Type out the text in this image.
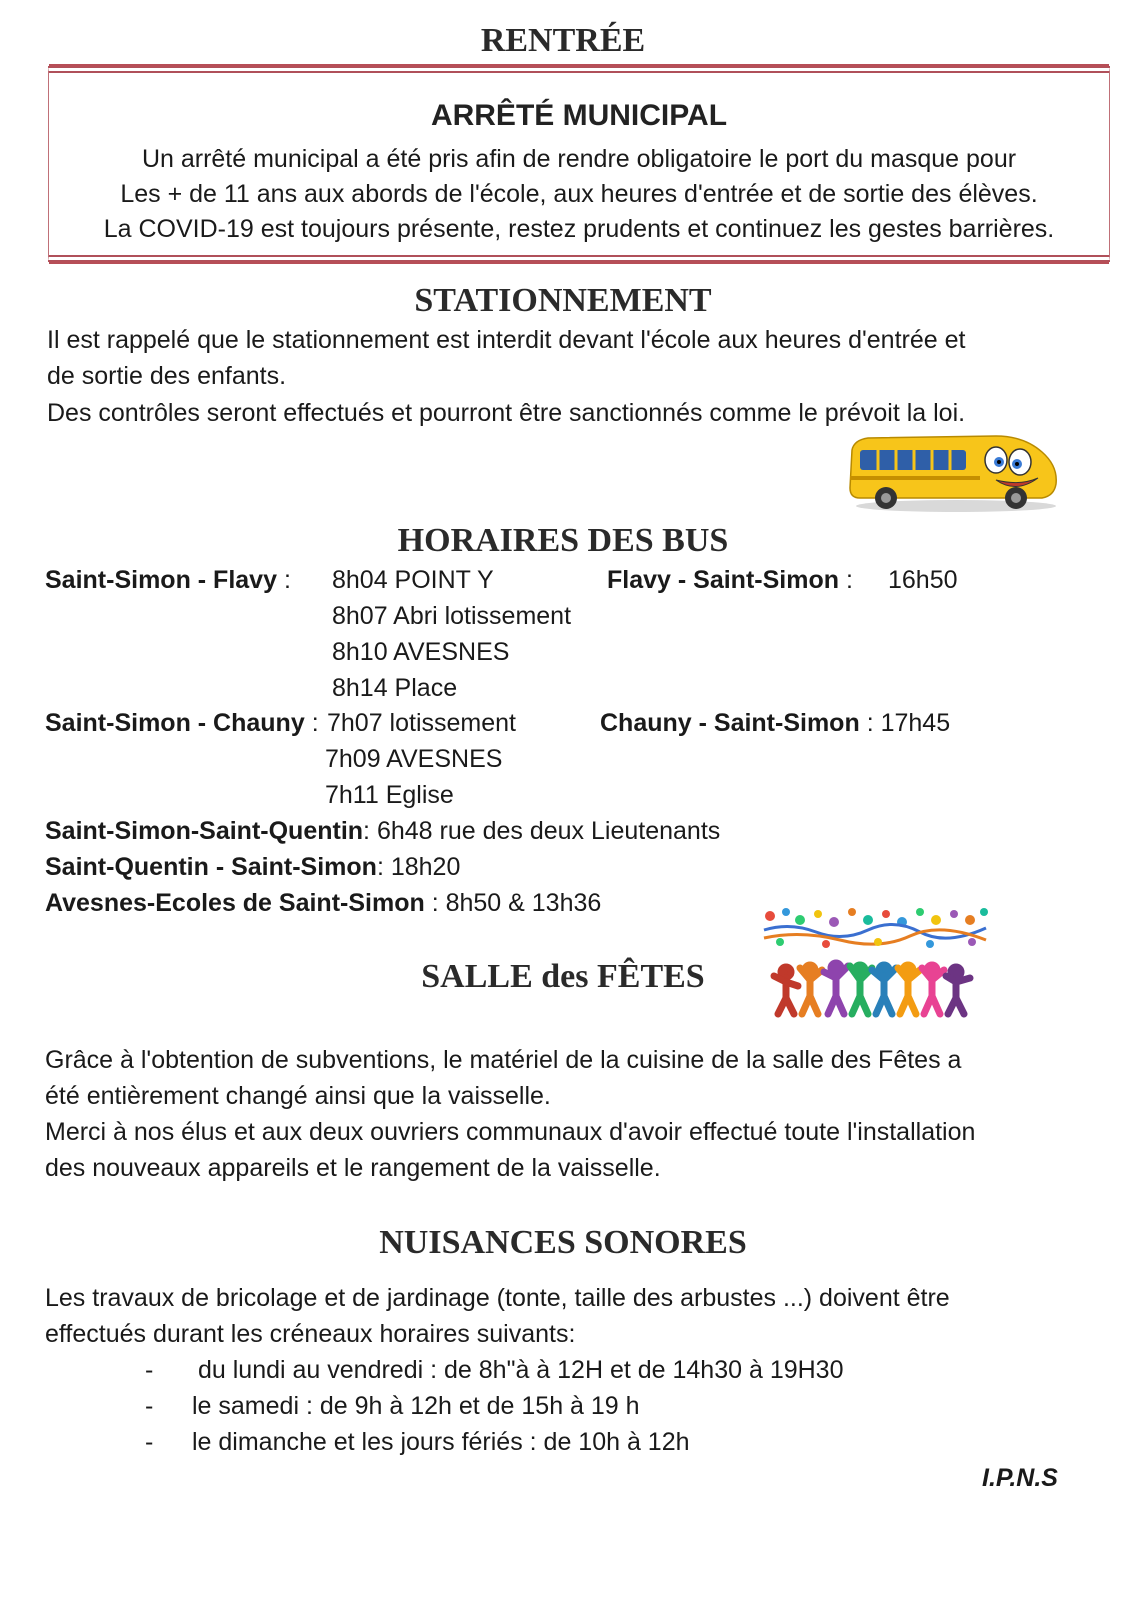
RENTRÉE
ARRÊTÉ MUNICIPAL
Un arrêté municipal a été pris afin de rendre obligatoire le port du masque pour
Les + de 11 ans aux abords de l'école, aux heures d'entrée et de sortie des élèves.
La COVID-19 est toujours présente, restez prudents et continuez les gestes barrières.
STATIONNEMENT
Il est rappelé que le stationnement est interdit devant l'école aux heures d'entrée et
de sortie des enfants.
Des contrôles seront effectués et pourront être sanctionnés comme le prévoit la loi.
HORAIRES DES BUS
Saint-Simon - Flavy : 8h04 POINT Y
8h07 Abri lotissement
8h10 AVESNES
8h14 Place
Flavy - Saint-Simon : 16h50
Saint-Simon - Chauny : 7h07 lotissement
7h09 AVESNES
7h11 Eglise
Chauny - Saint-Simon : 17h45
Saint-Simon-Saint-Quentin: 6h48 rue des deux Lieutenants
Saint-Quentin - Saint-Simon: 18h20
Avesnes-Ecoles de Saint-Simon : 8h50 & 13h36
SALLE des FÊTES
Grâce à l'obtention de subventions, le matériel de la cuisine de la salle des Fêtes a
été entièrement changé ainsi que la vaisselle.
Merci à nos élus et aux deux ouvriers communaux d'avoir effectué toute l'installation
des nouveaux appareils et le rangement de la vaisselle.
NUISANCES SONORES
Les travaux de bricolage et de jardinage (tonte, taille des arbustes ...) doivent être
effectués durant les créneaux horaires suivants:
- du lundi au vendredi : de 8h"à à 12H et de 14h30 à 19H30
- le samedi : de 9h à 12h et de 15h à 19 h
- le dimanche et les jours fériés : de 10h à 12h
I.P.N.S
